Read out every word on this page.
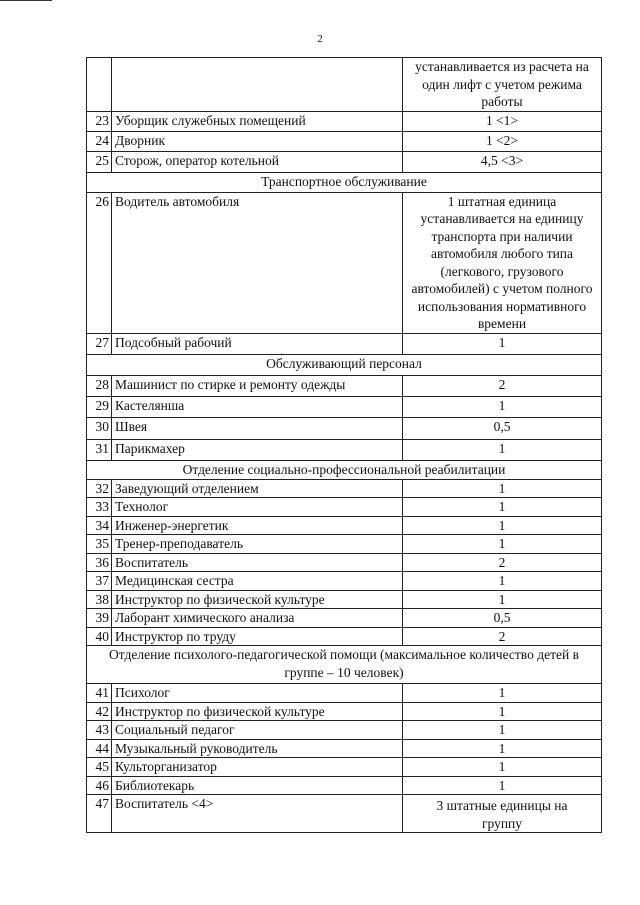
2
		устанавливается из расчета на один лифт с учетом режима работы
23	Уборщик служебных помещений	1 <1>
24	Дворник	1 <2>
25	Сторож, оператор котельной	4,5 <3>
Транспортное обслуживание		
26	Водитель автомобиля	1 штатная единица устанавливается на единицу транспорта при наличии автомобиля любого типа (легкового, грузового автомобилей) с учетом полного использования нормативного времени
27	Подсобный рабочий	1
Обслуживающий персонал		
28	Машинист по стирке и ремонту одежды	2
29	Кастелянша	1
30	Швея	0,5
31	Парикмахер	1
Отделение социально-профессиональной реабилитации		
32	Заведующий отделением	1
33	Технолог	1
34	Инженер-энергетик	1
35	Тренер-преподаватель	1
36	Воспитатель	2
37	Медицинская сестра	1
38	Инструктор по физической культуре	1
39	Лаборант химического анализа	0,5
40	Инструктор по труду	2
Отделение психолого-педагогической помощи (максимальное количество детей в группе – 10 человек)		
41	Психолог	1
42	Инструктор по физической культуре	1
43	Социальный педагог	1
44	Музыкальный руководитель	1
45	Культорганизатор	1
46	Библиотекарь	1
47	Воспитатель <4>	3 штатные единицы на группу
